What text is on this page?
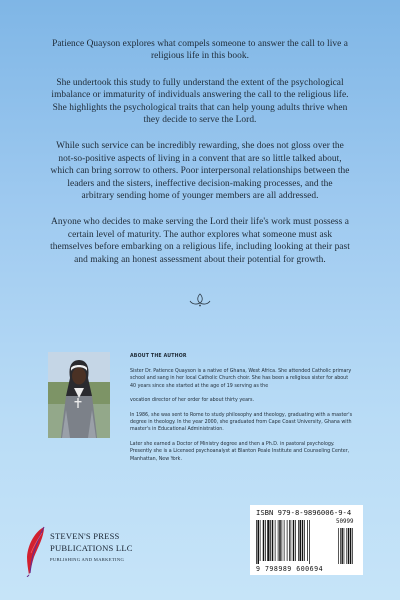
Patience Quayson explores what compels someone to answer the call to live a religious life in this book.

She undertook this study to fully understand the extent of the psychological imbalance or immaturity of individuals answering the call to the religious life. She highlights the psychological traits that can help young adults thrive when they decide to serve the Lord.

While such service can be incredibly rewarding, she does not gloss over the not-so-positive aspects of living in a convent that are so little talked about, which can bring sorrow to others. Poor interpersonal relationships between the leaders and the sisters, ineffective decision-making processes, and the arbitrary sending home of younger members are all addressed.

Anyone who decides to make serving the Lord their life's work must possess a certain level of maturity. The author explores what someone must ask themselves before embarking on a religious life, including looking at their past and making an honest assessment about their potential for growth.

ABOUT THE AUTHOR

Sister Dr. Patience Quayson is a native of Ghana, West Africa. She attended Catholic primary school and sang in her local Catholic Church choir. She has been a religious sister for about 40 years since she started at the age of 19 serving as the

vocation director of her order for about thirty years.

In 1986, she was sent to Rome to study philosophy and theology, graduating with a master's degree in theology. In the year 2000, she graduated from Cape Coast University, Ghana with master's in Educational Administration.

Later she earned a Doctor of Ministry degree and then a Ph.D. in pastoral psychology. Presently she is a Licensed psychoanalyst at Blanton Peale Institute and Counseling Center, Manhattan, New York.

STEVEN'S PRESS
PUBLICATIONS LLC
PUBLISHING AND MARKETING
ISBN 979-8-9896006-9-4
50999
9 798989 600694
